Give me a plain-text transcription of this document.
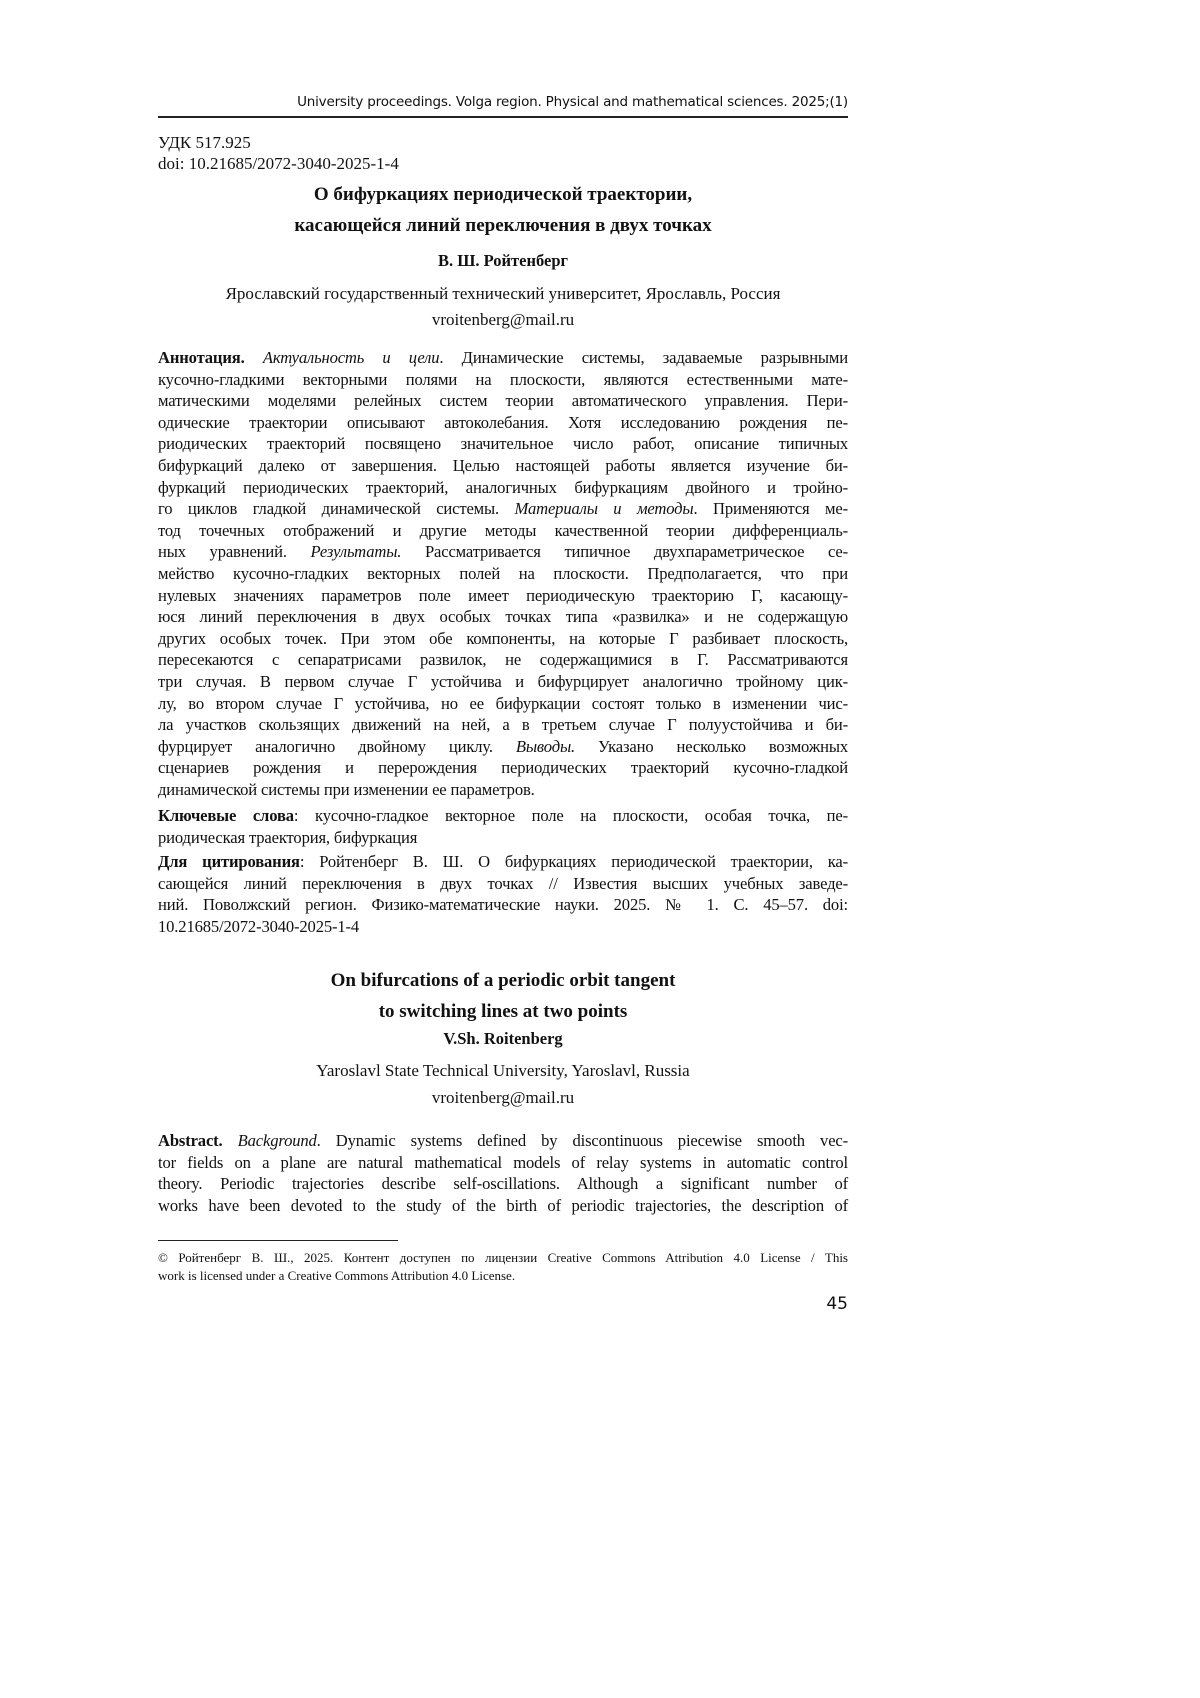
University proceedings. Volga region. Physical and mathematical sciences. 2025;(1)
УДК 517.925
doi: 10.21685/2072-3040-2025-1-4
О бифуркациях периодической траектории,
касающейся линий переключения в двух точках
В. Ш. Ройтенберг
Ярославский государственный технический университет, Ярославль, Россия
vroitenberg@mail.ru
Аннотация. Актуальность и цели. Динамические системы, задаваемые разрывными
кусочно-гладкими векторными полями на плоскости, являются естественными мате-
матическими моделями релейных систем теории автоматического управления. Пери-
одические траектории описывают автоколебания. Хотя исследованию рождения пе-
риодических траекторий посвящено значительное число работ, описание типичных
бифуркаций далеко от завершения. Целью настоящей работы является изучение би-
фуркаций периодических траекторий, аналогичных бифуркациям двойного и тройно-
го циклов гладкой динамической системы. Материалы и методы. Применяются ме-
тод точечных отображений и другие методы качественной теории дифференциаль-
ных уравнений. Результаты. Рассматривается типичное двухпараметрическое се-
мейство кусочно-гладких векторных полей на плоскости. Предполагается, что при
нулевых значениях параметров поле имеет периодическую траекторию Г, касающу-
юся линий переключения в двух особых точках типа «развилка» и не содержащую
других особых точек. При этом обе компоненты, на которые Г разбивает плоскость,
пересекаются с сепаратрисами развилок, не содержащимися в Г. Рассматриваются
три случая. В первом случае Г устойчива и бифурцирует аналогично тройному цик-
лу, во втором случае Г устойчива, но ее бифуркации состоят только в изменении чис-
ла участков скользящих движений на ней, а в третьем случае Г полуустойчива и би-
фурцирует аналогично двойному циклу. Выводы. Указано несколько возможных
сценариев рождения и перерождения периодических траекторий кусочно-гладкой
динамической системы при изменении ее параметров.
Ключевые слова: кусочно-гладкое векторное поле на плоскости, особая точка, пе-
риодическая траектория, бифуркация
Для цитирования: Ройтенберг В. Ш. О бифуркациях периодической траектории, ка-
сающейся линий переключения в двух точках // Известия высших учебных заведе-
ний. Поволжский регион. Физико-математические науки. 2025. № 1. С. 45–57. doi:
10.21685/2072-3040-2025-1-4
On bifurcations of a periodic orbit tangent
to switching lines at two points
V.Sh. Roitenberg
Yaroslavl State Technical University, Yaroslavl, Russia
vroitenberg@mail.ru
Abstract. Background. Dynamic systems defined by discontinuous piecewise smooth vec-
tor fields on a plane are natural mathematical models of relay systems in automatic control
theory. Periodic trajectories describe self-oscillations. Although a significant number of
works have been devoted to the study of the birth of periodic trajectories, the description of
© Ройтенберг В. Ш., 2025. Контент доступен по лицензии Creative Commons Attribution 4.0 License / This
work is licensed under a Creative Commons Attribution 4.0 License.
45
